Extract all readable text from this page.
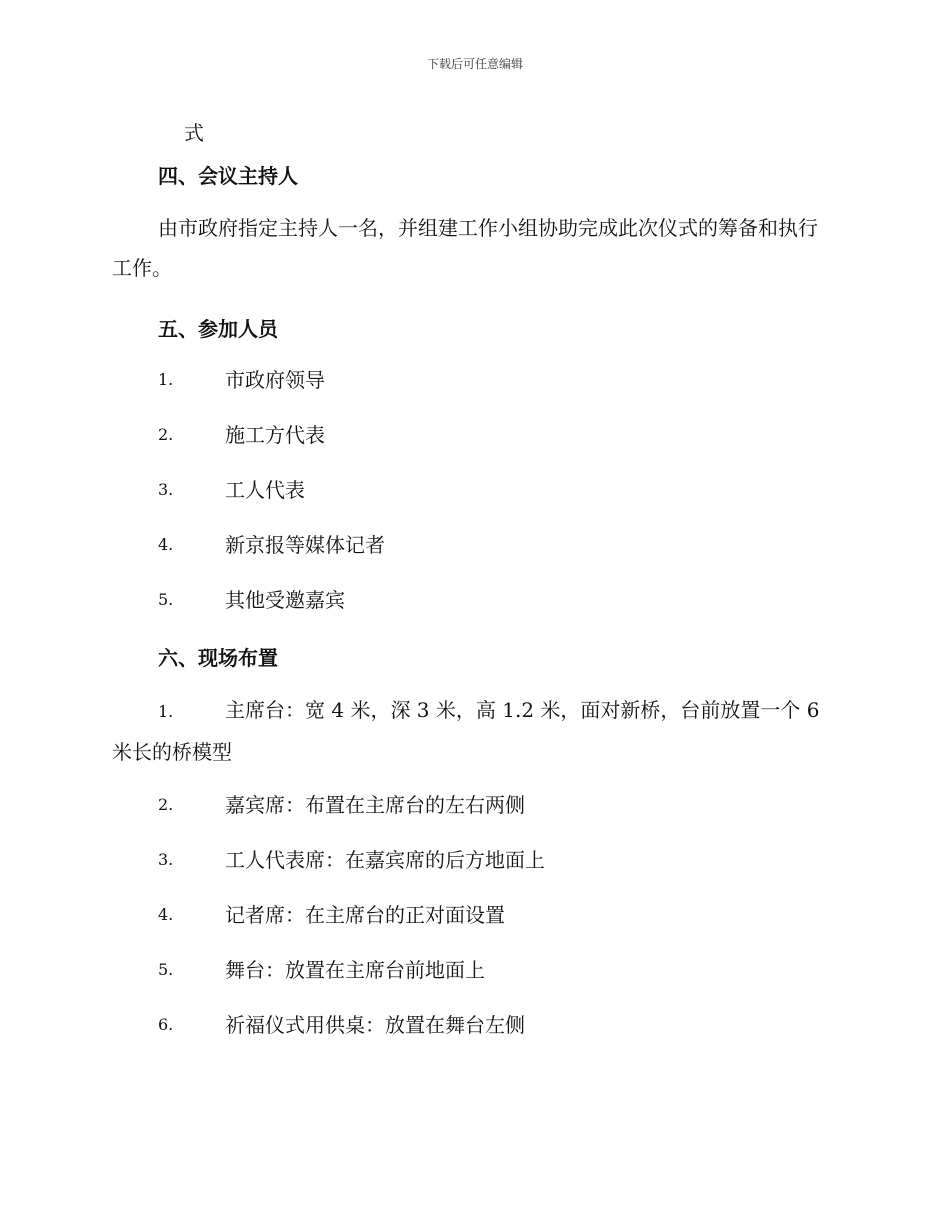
下载后可任意编辑
式
四、会议主持人
由市政府指定主持人一名，并组建工作小组协助完成此次仪式的筹备和执行工作。
五、参加人员
1.	市政府领导
2.	施工方代表
3.	工人代表
4.	新京报等媒体记者
5.	其他受邀嘉宾
六、现场布置
1.	主席台：宽 4 米，深 3 米，高 1.2 米，面对新桥，台前放置一个 6 米长的桥模型
2.	嘉宾席：布置在主席台的左右两侧
3.	工人代表席：在嘉宾席的后方地面上
4.	记者席：在主席台的正对面设置
5.	舞台：放置在主席台前地面上
6.	祈福仪式用供桌：放置在舞台左侧
